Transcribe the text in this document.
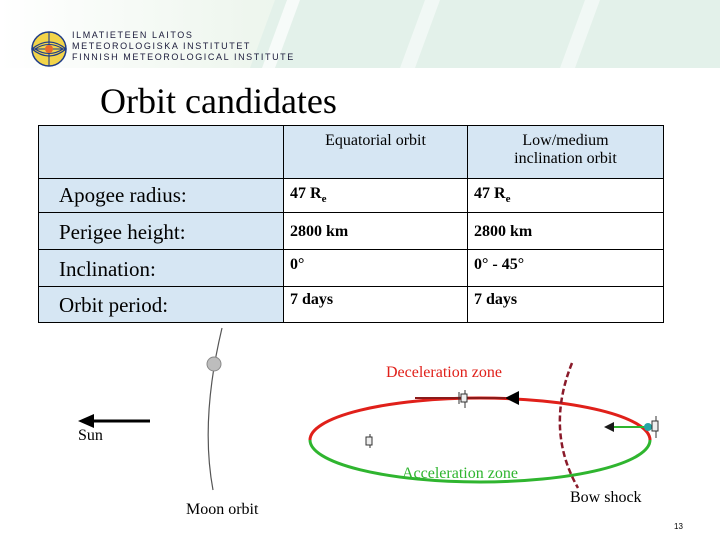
ILMATIETEEN LAITOS
METEOROLOGISKA INSTITUTET
FINNISH METEOROLOGICAL INSTITUTE
Orbit candidates

	Equatorial orbit	Low/medium inclination orbit

Apogee radius:	47 $R_e$	47 $R_e$
Perigee height:	2800 km	2800 km
Inclination:	0°	0° - 45°
Orbit period:	7 days	7 days
Deceleration zone
Acceleration zone
Sun
Moon orbit
Bow shock
13
